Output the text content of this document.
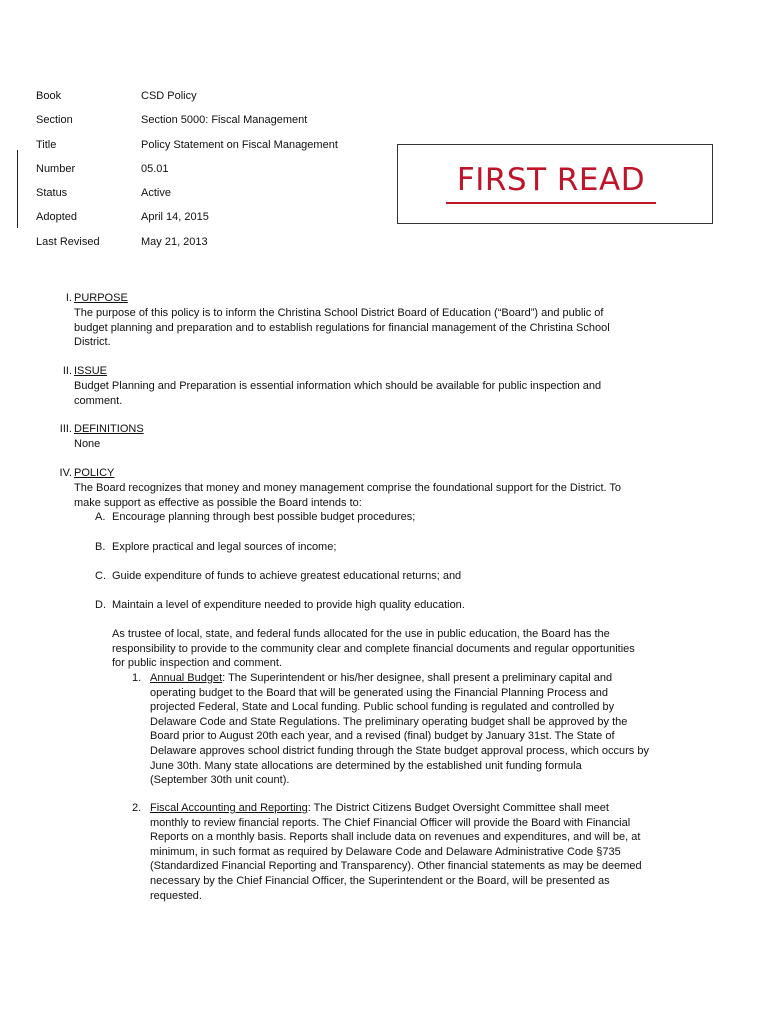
Book	CSD Policy
Section	Section 5000: Fiscal Management
Title	Policy Statement on Fiscal Management
Number	05.01
Status	Active
Adopted	April 14, 2015
Last Revised	May 21, 2013
FIRST READ
I. PURPOSE
The purpose of this policy is to inform the Christina School District Board of Education (“Board”) and public of
budget planning and preparation and to establish regulations for financial management of the Christina School
District.
II. ISSUE
Budget Planning and Preparation is essential information which should be available for public inspection and
comment.
III. DEFINITIONS
None
IV. POLICY
The Board recognizes that money and money management comprise the foundational support for the District. To
make support as effective as possible the Board intends to:
A. Encourage planning through best possible budget procedures;
B. Explore practical and legal sources of income;
C. Guide expenditure of funds to achieve greatest educational returns; and
D. Maintain a level of expenditure needed to provide high quality education.
As trustee of local, state, and federal funds allocated for the use in public education, the Board has the
responsibility to provide to the community clear and complete financial documents and regular opportunities
for public inspection and comment.
1. Annual Budget: The Superintendent or his/her designee, shall present a preliminary capital and
operating budget to the Board that will be generated using the Financial Planning Process and
projected Federal, State and Local funding. Public school funding is regulated and controlled by
Delaware Code and State Regulations. The preliminary operating budget shall be approved by the
Board prior to August 20th each year, and a revised (final) budget by January 31st. The State of
Delaware approves school district funding through the State budget approval process, which occurs by
June 30th. Many state allocations are determined by the established unit funding formula
(September 30th unit count).
2. Fiscal Accounting and Reporting: The District Citizens Budget Oversight Committee shall meet
monthly to review financial reports. The Chief Financial Officer will provide the Board with Financial
Reports on a monthly basis. Reports shall include data on revenues and expenditures, and will be, at
minimum, in such format as required by Delaware Code and Delaware Administrative Code §735
(Standardized Financial Reporting and Transparency). Other financial statements as may be deemed
necessary by the Chief Financial Officer, the Superintendent or the Board, will be presented as
requested.
